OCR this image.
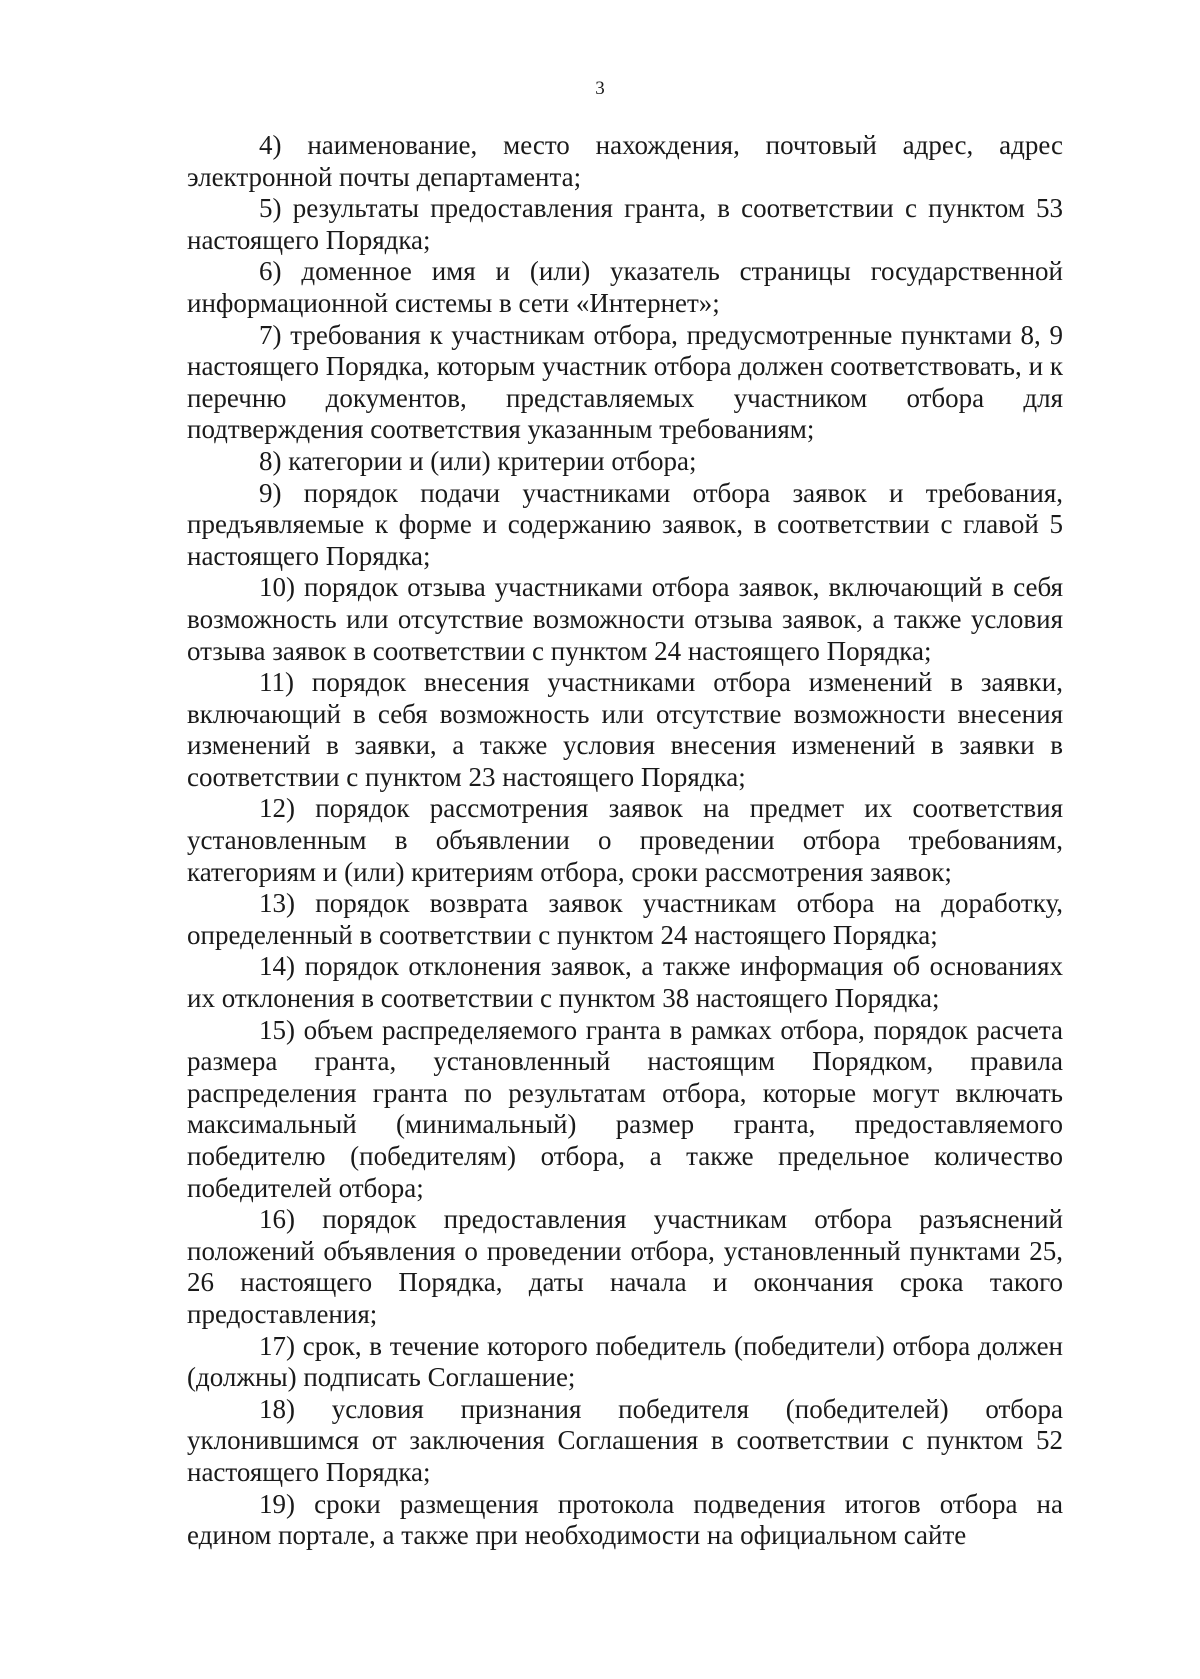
3

4) наименование, место нахождения, почтовый адрес, адрес электронной почты департамента;

5) результаты предоставления гранта, в соответствии с пунктом 53 настоящего Порядка;

6) доменное имя и (или) указатель страницы государственной информационной системы в сети «Интернет»;

7) требования к участникам отбора, предусмотренные пунктами 8, 9 настоящего Порядка, которым участник отбора должен соответствовать, и к перечню документов, представляемых участником отбора для подтверждения соответствия указанным требованиям;

8) категории и (или) критерии отбора;

9) порядок подачи участниками отбора заявок и требования, предъявляемые к форме и содержанию заявок, в соответствии с главой 5 настоящего Порядка;

10) порядок отзыва участниками отбора заявок, включающий в себя возможность или отсутствие возможности отзыва заявок, а также условия отзыва заявок в соответствии с пунктом 24 настоящего Порядка;

11) порядок внесения участниками отбора изменений в заявки, включающий в себя возможность или отсутствие возможности внесения изменений в заявки, а также условия внесения изменений в заявки в соответствии с пунктом 23 настоящего Порядка;

12) порядок рассмотрения заявок на предмет их соответствия установленным в объявлении о проведении отбора требованиям, категориям и (или) критериям отбора, сроки рассмотрения заявок;

13) порядок возврата заявок участникам отбора на доработку, определенный в соответствии с пунктом 24 настоящего Порядка;

14) порядок отклонения заявок, а также информация об основаниях их отклонения в соответствии с пунктом 38 настоящего Порядка;

15) объем распределяемого гранта в рамках отбора, порядок расчета размера гранта, установленный настоящим Порядком, правила распределения гранта по результатам отбора, которые могут включать максимальный (минимальный) размер гранта, предоставляемого победителю (победителям) отбора, а также предельное количество победителей отбора;

16) порядок предоставления участникам отбора разъяснений положений объявления о проведении отбора, установленный пунктами 25, 26 настоящего Порядка, даты начала и окончания срока такого предоставления;

17) срок, в течение которого победитель (победители) отбора должен (должны) подписать Соглашение;

18) условия признания победителя (победителей) отбора уклонившимся от заключения Соглашения в соответствии с пунктом 52 настоящего Порядка;

19) сроки размещения протокола подведения итогов отбора на едином портале, а также при необходимости на официальном сайте
